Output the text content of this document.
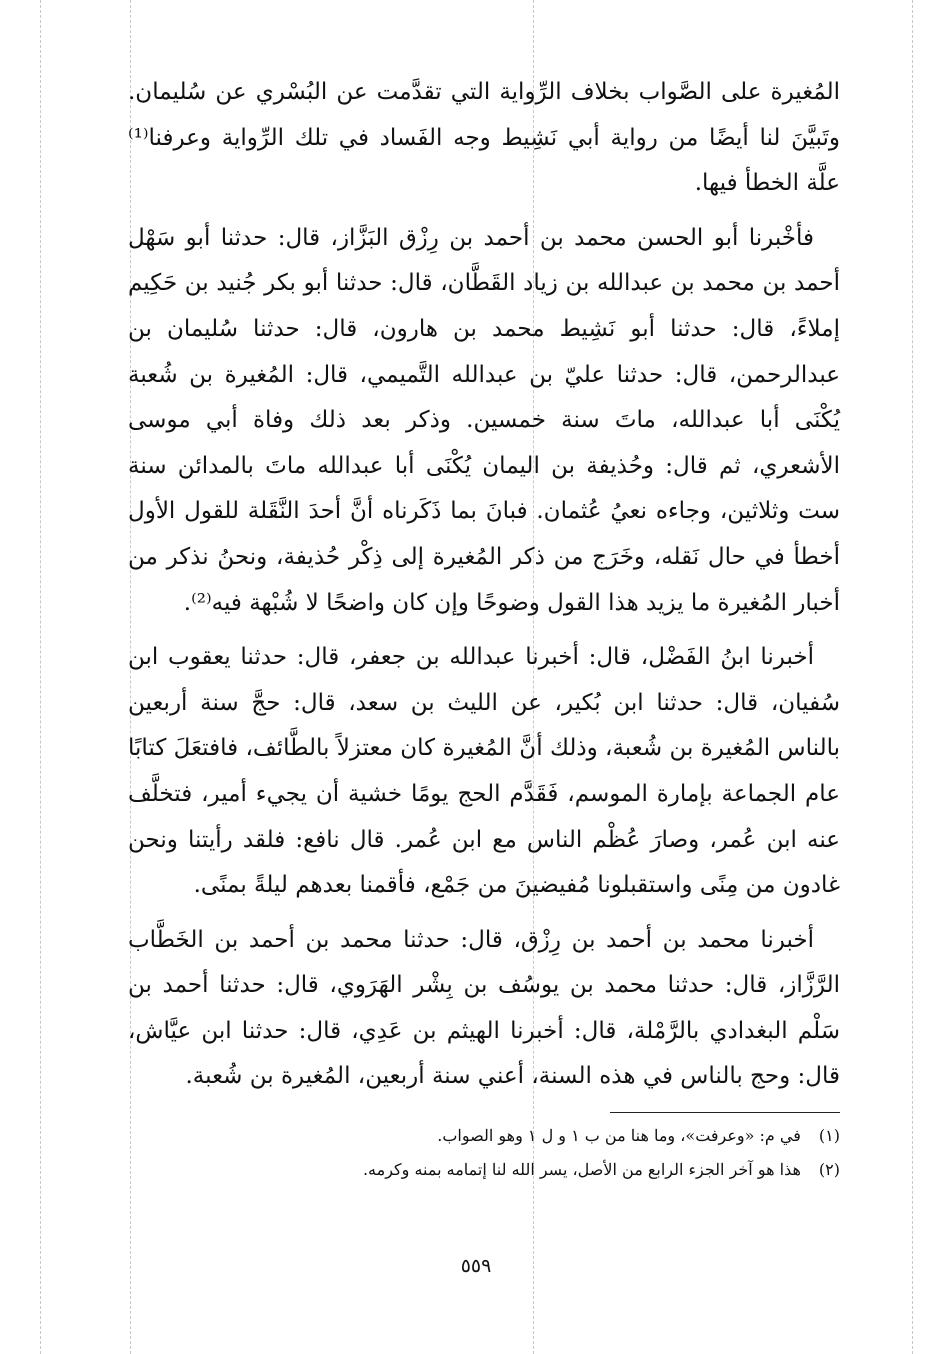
المُغيرة على الصَّواب بخلاف الرِّواية التي تقدَّمت عن البُسْري عن سُليمان. وتَبيَّنَ لنا أيضًا من رواية أبي نَشِيط وجه الفَساد في تلك الرِّواية وعرفنا⁽¹⁾ علَّة الخطأ فيها.

فأخْبرنا أبو الحسن محمد بن أحمد بن رِزْق البَزَّاز، قال: حدثنا أبو سَهْل أحمد بن محمد بن عبدالله بن زياد القَطَّان، قال: حدثنا أبو بكر جُنيد بن حَكِيم إملاءً، قال: حدثنا أبو نَشِيط محمد بن هارون، قال: حدثنا سُليمان بن عبدالرحمن، قال: حدثنا عليّ بن عبدالله التَّميمي، قال: المُغيرة بن شُعبة يُكْنَى أبا عبدالله، ماتَ سنة خمسين. وذكر بعد ذلك وفاة أبي موسى الأشعري، ثم قال: وحُذيفة بن اليمان يُكْنَى أبا عبدالله ماتَ بالمدائن سنة ست وثلاثين، وجاءه نعيُ عُثمان. فبانَ بما ذَكَرناه أنَّ أحدَ النَّقَلة للقول الأول أخطأ في حال نَقله، وخَرَج من ذكر المُغيرة إلى ذِكْر حُذيفة، ونحنُ نذكر من أخبار المُغيرة ما يزيد هذا القول وضوحًا وإن كان واضحًا لا شُبْهة فيه⁽²⁾.

أخبرنا ابنُ الفَضْل، قال: أخبرنا عبدالله بن جعفر، قال: حدثنا يعقوب ابن سُفيان، قال: حدثنا ابن بُكير، عن الليث بن سعد، قال: حجَّ سنة أربعين بالناس المُغيرة بن شُعبة، وذلك أنَّ المُغيرة كان معتزلاً بالطَّائف، فافتعَلَ كتابًا عام الجماعة بإمارة الموسم، فَقَدَّم الحج يومًا خشية أن يجيء أمير، فتخلَّف عنه ابن عُمر، وصارَ عُظْم الناس مع ابن عُمر. قال نافع: فلقد رأيتنا ونحن غادون من مِنًى واستقبلونا مُفيضينَ من جَمْع، فأقمنا بعدهم ليلةً بمنًى.

أخبرنا محمد بن أحمد بن رِزْق، قال: حدثنا محمد بن أحمد بن الخَطَّاب الرَّزَّاز، قال: حدثنا محمد بن يوسُف بن بِشْر الهَرَوي، قال: حدثنا أحمد بن سَلْم البغدادي بالرَّمْلة، قال: أخبرنا الهيثم بن عَدِي، قال: حدثنا ابن عيَّاش، قال: وحج بالناس في هذه السنة، أعني سنة أربعين، المُغيرة بن شُعبة.

(١) في م: «وعرفت»، وما هنا من ب ١ و ل ١ وهو الصواب.
(٢) هذا هو آخر الجزء الرابع من الأصل، يسر الله لنا إتمامه بمنه وكرمه.
٥٥٩
